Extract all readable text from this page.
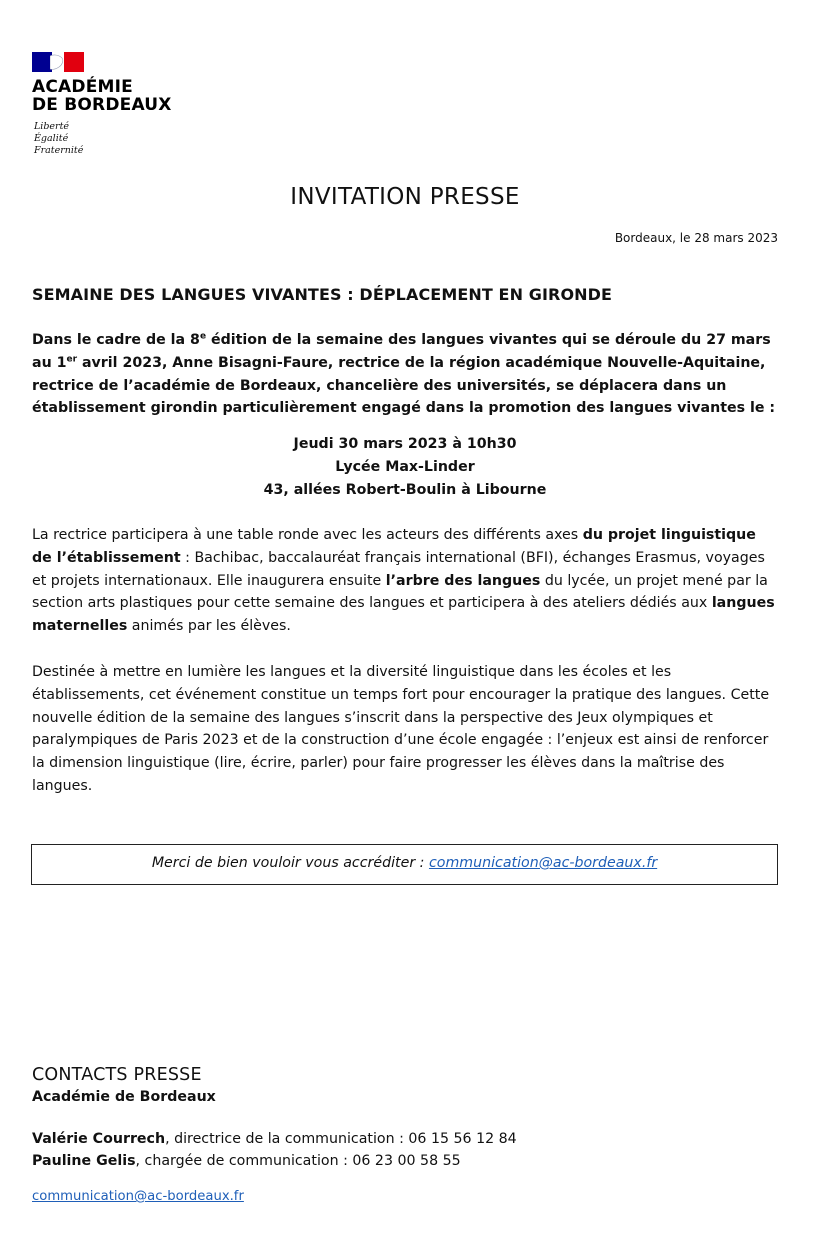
ACADÉMIE
DE BORDEAUX
Liberté
Égalité
Fraternité
INVITATION PRESSE
Bordeaux, le 28 mars 2023
SEMAINE DES LANGUES VIVANTES : DÉPLACEMENT EN GIRONDE
Dans le cadre de la 8e édition de la semaine des langues vivantes qui se déroule du 27 mars au 1er avril 2023, Anne Bisagni-Faure, rectrice de la région académique Nouvelle-Aquitaine, rectrice de l’académie de Bordeaux, chancelière des universités, se déplacera dans un établissement girondin particulièrement engagé dans la promotion des langues vivantes le :
Jeudi 30 mars 2023 à 10h30
Lycée Max-Linder
43, allées Robert-Boulin à Libourne
La rectrice participera à une table ronde avec les acteurs des différents axes du projet linguistique de l’établissement : Bachibac, baccalauréat français international (BFI), échanges Erasmus, voyages et projets internationaux. Elle inaugurera ensuite l’arbre des langues du lycée, un projet mené par la section arts plastiques pour cette semaine des langues et participera à des ateliers dédiés aux langues maternelles animés par les élèves.
Destinée à mettre en lumière les langues et la diversité linguistique dans les écoles et les établissements, cet événement constitue un temps fort pour encourager la pratique des langues. Cette nouvelle édition de la semaine des langues s’inscrit dans la perspective des Jeux olympiques et paralympiques de Paris 2023 et de la construction d’une école engagée : l’enjeux est ainsi de renforcer la dimension linguistique (lire, écrire, parler) pour faire progresser les élèves dans la maîtrise des langues.
Merci de bien vouloir vous accréditer : communication@ac-bordeaux.fr
CONTACTS PRESSE
Académie de Bordeaux
Valérie Courrech, directrice de la communication : 06 15 56 12 84
Pauline Gelis, chargée de communication : 06 23 00 58 55
communication@ac-bordeaux.fr
